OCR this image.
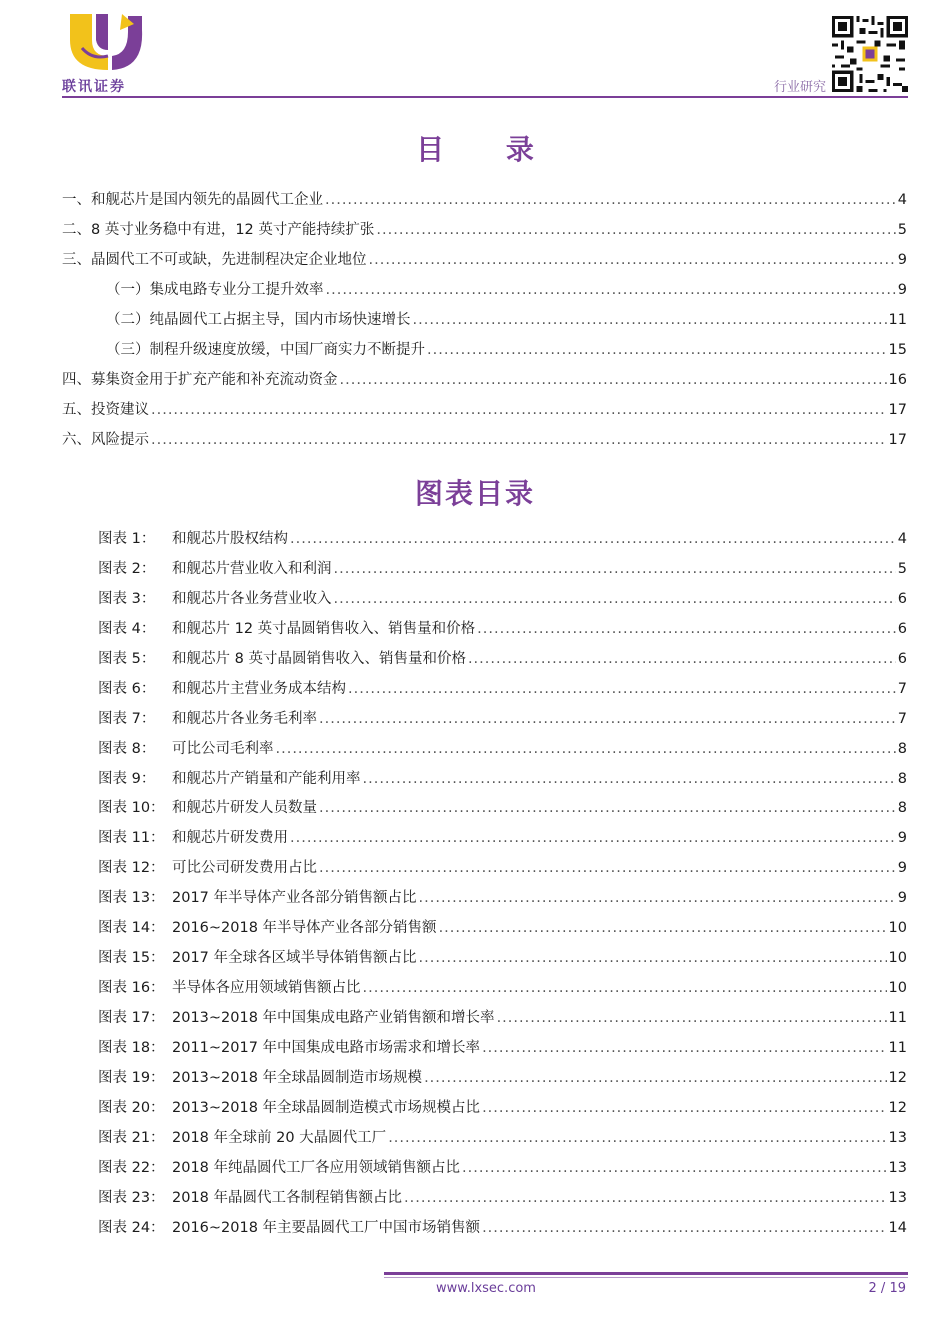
联讯证券	行业研究
目 录
一、和舰芯片是国内领先的晶圆代工企业 .....	4
二、8 英寸业务稳中有进，12 英寸产能持续扩张 .....	5
三、晶圆代工不可或缺，先进制程决定企业地位 .....	9
（一）集成电路专业分工提升效率 .....	9
（二）纯晶圆代工占据主导，国内市场快速增长 .....	11
（三）制程升级速度放缓，中国厂商实力不断提升 .....	15
四、募集资金用于扩充产能和补充流动资金 .....	16
五、投资建议 .....	17
六、风险提示 .....	17
图表目录
图表 1： 和舰芯片股权结构 .....	4
图表 2： 和舰芯片营业收入和利润 .....	5
图表 3： 和舰芯片各业务营业收入 .....	6
图表 4： 和舰芯片 12 英寸晶圆销售收入、销售量和价格 .....	6
图表 5： 和舰芯片 8 英寸晶圆销售收入、销售量和价格 .....	6
图表 6： 和舰芯片主营业务成本结构 .....	7
图表 7： 和舰芯片各业务毛利率 .....	7
图表 8： 可比公司毛利率 .....	8
图表 9： 和舰芯片产销量和产能利用率 .....	8
图表 10： 和舰芯片研发人员数量 .....	8
图表 11： 和舰芯片研发费用 .....	9
图表 12： 可比公司研发费用占比 .....	9
图表 13： 2017 年半导体产业各部分销售额占比 .....	9
图表 14： 2016~2018 年半导体产业各部分销售额 .....	10
图表 15： 2017 年全球各区域半导体销售额占比 .....	10
图表 16： 半导体各应用领域销售额占比 .....	10
图表 17： 2013~2018 年中国集成电路产业销售额和增长率 .....	11
图表 18： 2011~2017 年中国集成电路市场需求和增长率 .....	11
图表 19： 2013~2018 年全球晶圆制造市场规模 .....	12
图表 20： 2013~2018 年全球晶圆制造模式市场规模占比 .....	12
图表 21： 2018 年全球前 20 大晶圆代工厂 .....	13
图表 22： 2018 年纯晶圆代工厂各应用领域销售额占比 .....	13
图表 23： 2018 年晶圆代工各制程销售额占比 .....	13
图表 24： 2016~2018 年主要晶圆代工厂中国市场销售额 .....	14
www.lxsec.com	2 / 19
